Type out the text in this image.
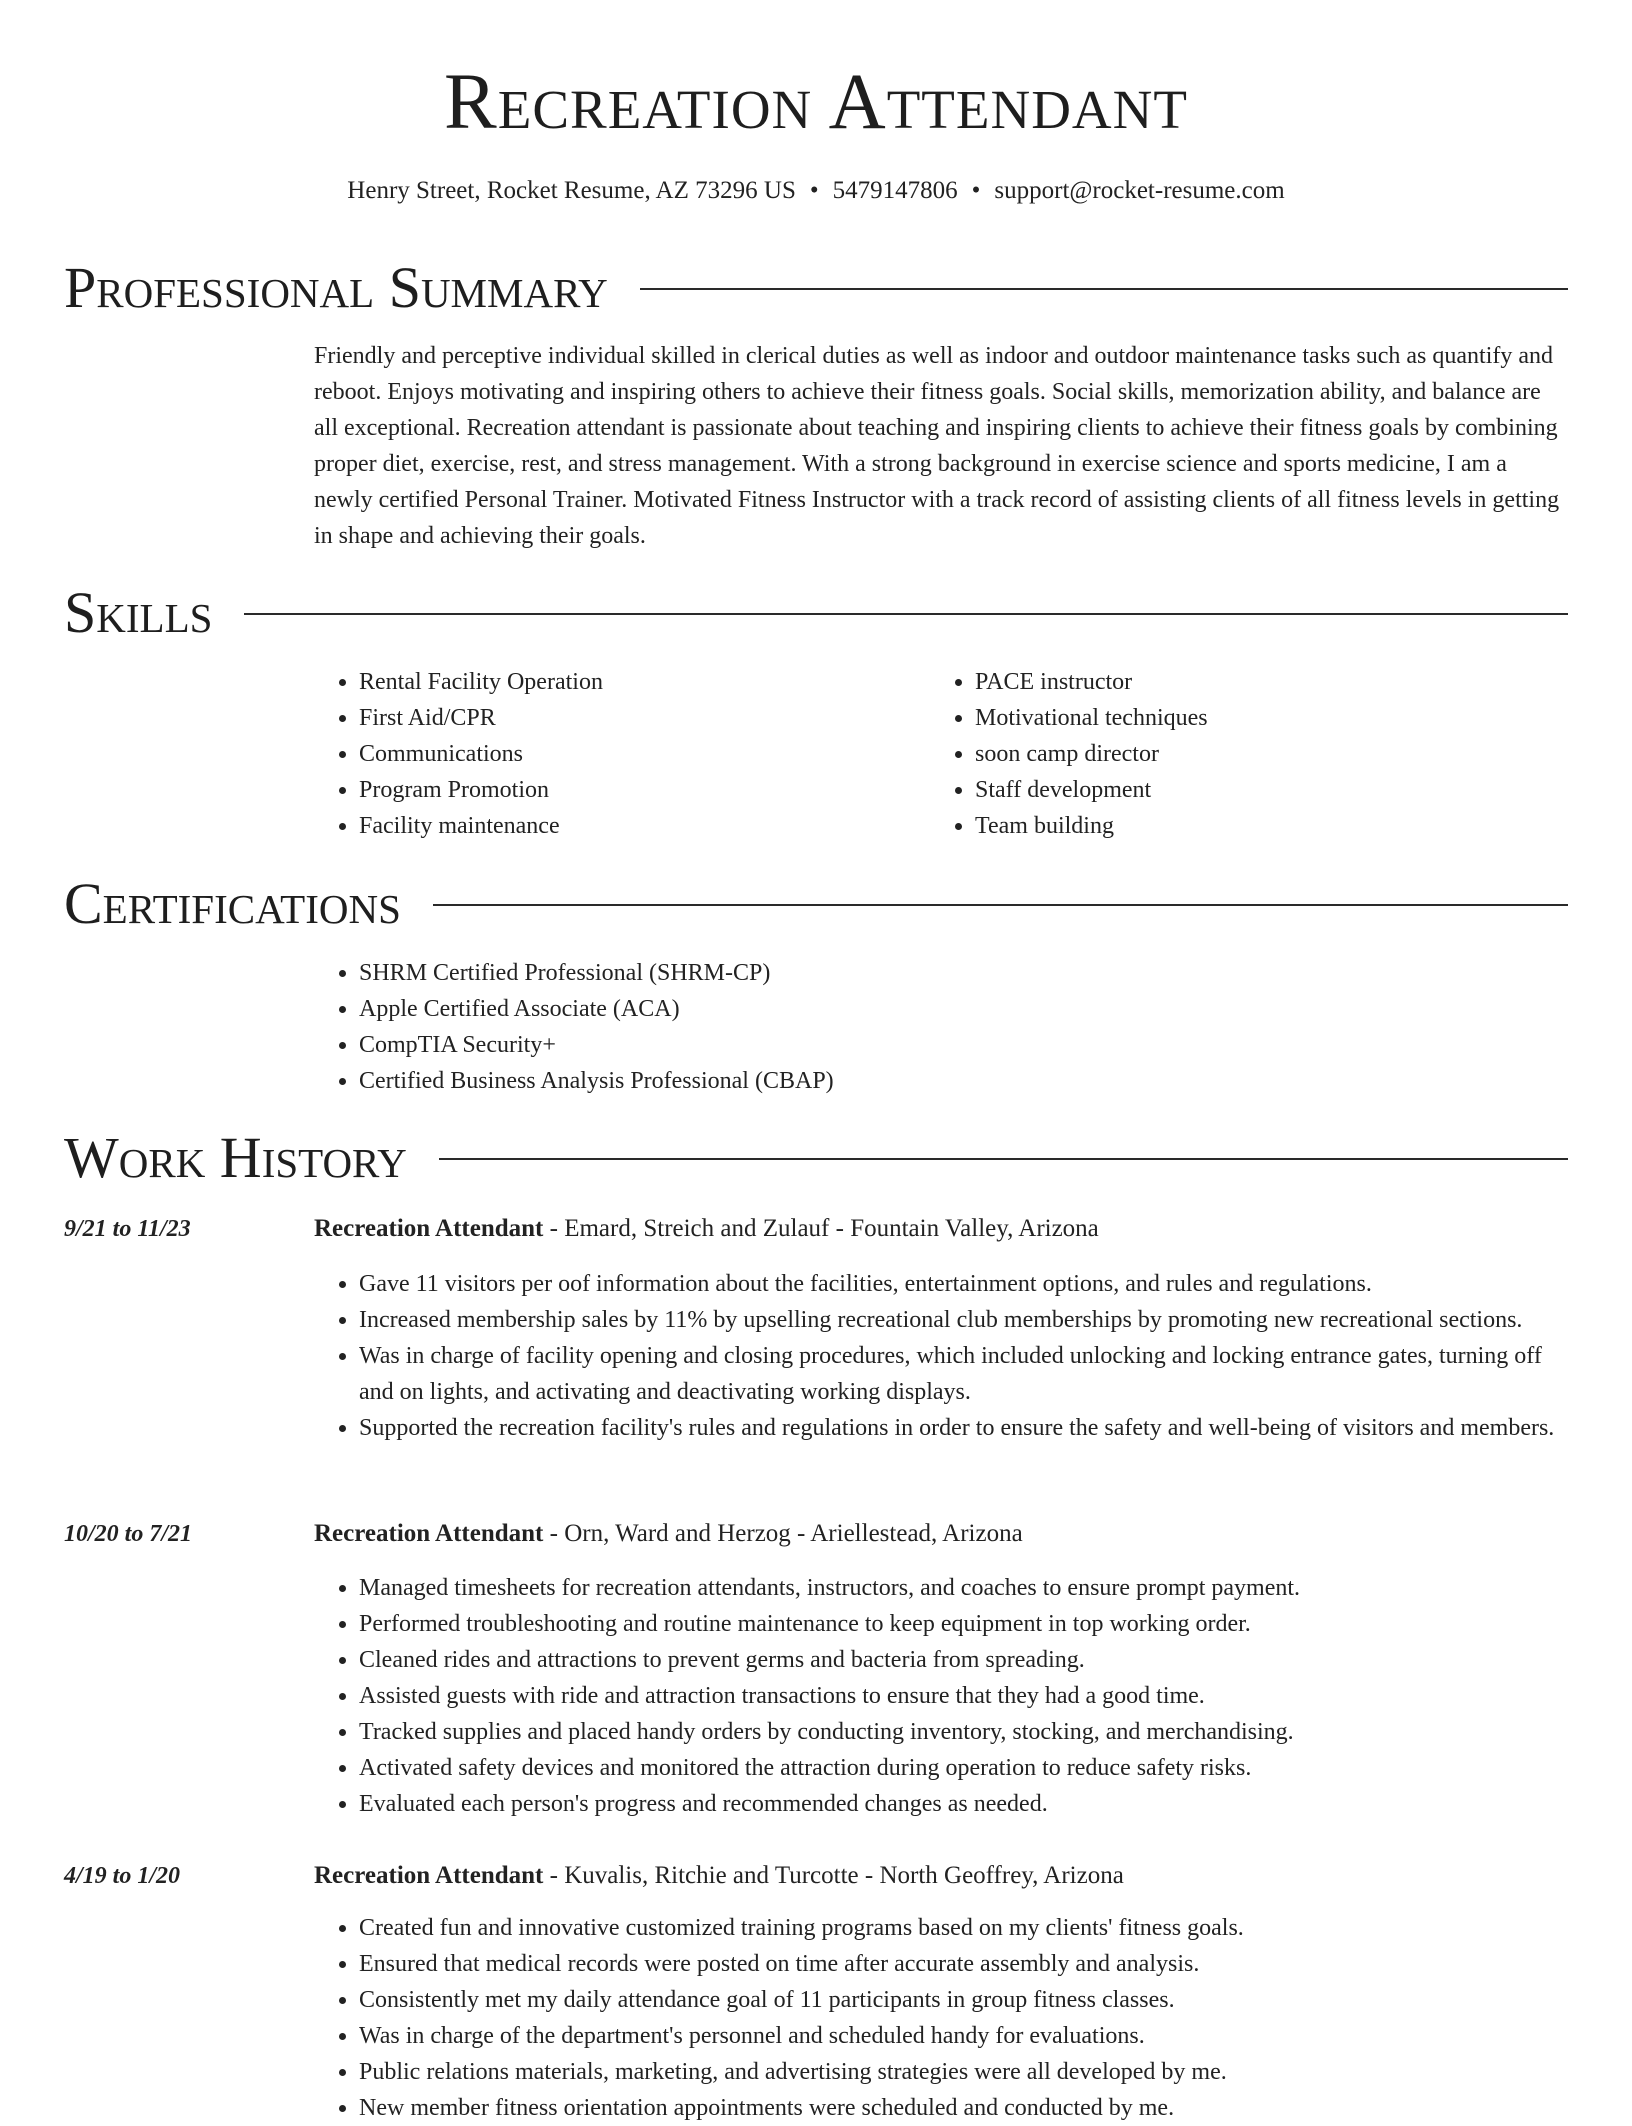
Recreation Attendant
Henry Street, Rocket Resume, AZ 73296 US • 5479147806 • support@rocket-resume.com
Professional Summary

Friendly and perceptive individual skilled in clerical duties as well as indoor and outdoor maintenance tasks such as quantify and reboot. Enjoys motivating and inspiring others to achieve their fitness goals. Social skills, memorization ability, and balance are all exceptional. Recreation attendant is passionate about teaching and inspiring clients to achieve their fitness goals by combining proper diet, exercise, rest, and stress management. With a strong background in exercise science and sports medicine, I am a newly certified Personal Trainer. Motivated Fitness Instructor with a track record of assisting clients of all fitness levels in getting in shape and achieving their goals.

Skills
• Rental Facility Operation
• First Aid/CPR
• Communications
• Program Promotion
• Facility maintenance
• PACE instructor
• Motivational techniques
• soon camp director
• Staff development
• Team building
Certifications
• SHRM Certified Professional (SHRM-CP)
• Apple Certified Associate (ACA)
• CompTIA Security+
• Certified Business Analysis Professional (CBAP)
Work History
9/21 to 11/23	Recreation Attendant - Emard, Streich and Zulauf - Fountain Valley, Arizona
• Gave 11 visitors per oof information about the facilities, entertainment options, and rules and regulations.
• Increased membership sales by 11% by upselling recreational club memberships by promoting new recreational sections.
• Was in charge of facility opening and closing procedures, which included unlocking and locking entrance gates, turning off and on lights, and activating and deactivating working displays.
• Supported the recreation facility's rules and regulations in order to ensure the safety and well-being of visitors and members.
10/20 to 7/21	Recreation Attendant - Orn, Ward and Herzog - Ariellestead, Arizona
• Managed timesheets for recreation attendants, instructors, and coaches to ensure prompt payment.
• Performed troubleshooting and routine maintenance to keep equipment in top working order.
• Cleaned rides and attractions to prevent germs and bacteria from spreading.
• Assisted guests with ride and attraction transactions to ensure that they had a good time.
• Tracked supplies and placed handy orders by conducting inventory, stocking, and merchandising.
• Activated safety devices and monitored the attraction during operation to reduce safety risks.
• Evaluated each person's progress and recommended changes as needed.
4/19 to 1/20	Recreation Attendant - Kuvalis, Ritchie and Turcotte - North Geoffrey, Arizona
• Created fun and innovative customized training programs based on my clients' fitness goals.
• Ensured that medical records were posted on time after accurate assembly and analysis.
• Consistently met my daily attendance goal of 11 participants in group fitness classes.
• Was in charge of the department's personnel and scheduled handy for evaluations.
• Public relations materials, marketing, and advertising strategies were all developed by me.
• New member fitness orientation appointments were scheduled and conducted by me.
